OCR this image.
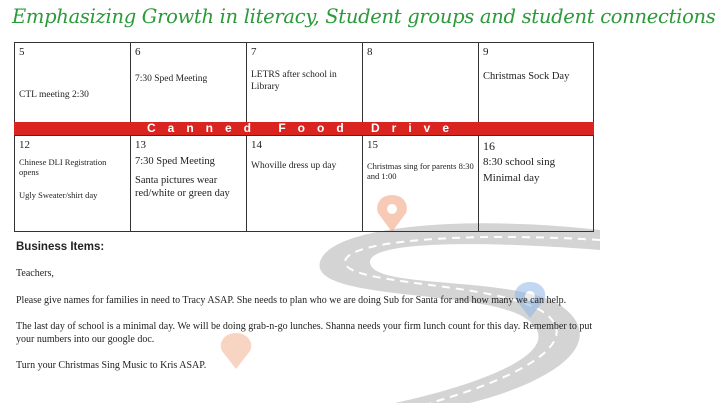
Emphasizing Growth in literacy, Student groups and student connections
5
CTL meeting 2:30
6
7:30 Sped Meeting
7
LETRS after school in Library
8	9
Christmas Sock Day
Canned Food Drive
12
Chinese DLI Registration opens
Ugly Sweater/shirt day
13
7:30 Sped Meeting
Santa pictures wear red/white or green day
14
Whoville dress up day
15
Christmas sing for parents 8:30 and 1:00
16
8:30 school sing
Minimal day
Business Items:

Teachers,

Please give names for families in need to Tracy ASAP. She needs to plan who we are doing Sub for Santa for and how many we can help.

The last day of school is a minimal day. We will be doing grab-n-go lunches. Shanna needs your firm lunch count for this day. Remember to put your numbers into our google doc.

Turn your Christmas Sing Music to Kris ASAP.
